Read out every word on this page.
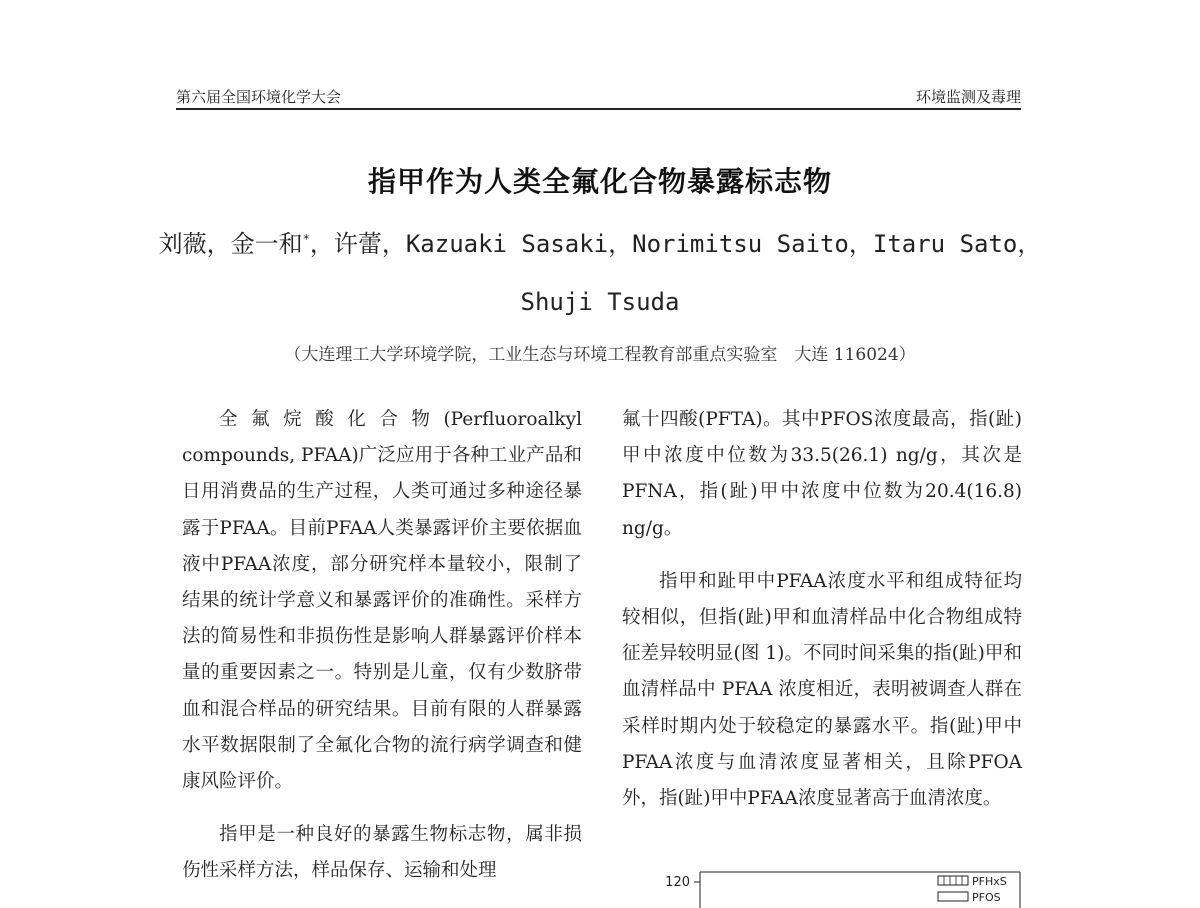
第六届全国环境化学大会	环境监测及毒理
指甲作为人类全氟化合物暴露标志物
刘薇，金一和*，许蕾，Kazuaki Sasaki，Norimitsu Saito，Itaru Sato，
Shuji Tsuda
（大连理工大学环境学院，工业生态与环境工程教育部重点实验室　大连 116024）

全氟烷酸化合物(Perfluoroalkyl compounds, PFAA)广泛应用于各种工业产品和日用消费品的生产过程，人类可通过多种途径暴露于PFAA。目前PFAA人类暴露评价主要依据血液中PFAA浓度，部分研究样本量较小，限制了结果的统计学意义和暴露评价的准确性。采样方法的简易性和非损伤性是影响人群暴露评价样本量的重要因素之一。特别是儿童，仅有少数脐带血和混合样品的研究结果。目前有限的人群暴露水平数据限制了全氟化合物的流行病学调查和健康风险评价。

指甲是一种良好的暴露生物标志物，属非损伤性采样方法，样品保存、运输和处理

氟十四酸(PFTA)。其中PFOS浓度最高，指(趾)甲中浓度中位数为33.5(26.1) ng/g，其次是PFNA，指(趾)甲中浓度中位数为20.4(16.8) ng/g。

指甲和趾甲中PFAA浓度水平和组成特征均较相似，但指(趾)甲和血清样品中化合物组成特征差异较明显(图 1)。不同时间采集的指(趾)甲和血清样品中 PFAA 浓度相近，表明被调查人群在采样时期内处于较稳定的暴露水平。指(趾)甲中PFAA浓度与血清浓度显著相关，且除PFOA外，指(趾)甲中PFAA浓度显著高于血清浓度。

120	PFHxS
PFOS
